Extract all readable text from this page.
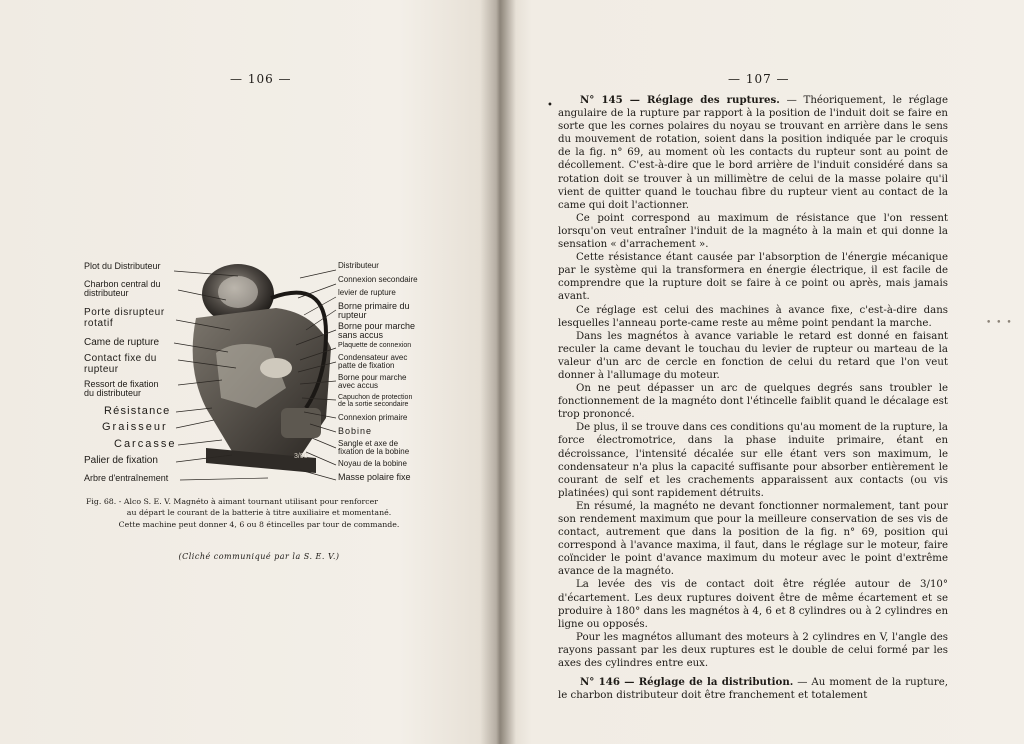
— 106 —
3/90
Plot du Distributeur
Charbon central du
distributeur
Porte disrupteur
rotatif
Came de rupture
Contact fixe du
rupteur
Ressort de fixation
du distributeur
Résistance
Graisseur
Carcasse
Palier de fixation
Arbre d'entraînement
Distributeur
Connexion secondaire
levier de rupture
Borne primaire du
rupteur
Borne pour marche
sans accus
Plaquette de connexion
Condensateur avec
patte de fixation
Borne pour marche
avec accus
Capuchon de protection
de la sortie secondaire
Connexion primaire
Bobine
Sangle et axe de
fixation de la bobine
Noyau de la bobine
Masse polaire fixe
Fig. 68. - Alco S. E. V. Magnéto à aimant tournant utilisant pour renforcer
au départ le courant de la batterie à titre auxiliaire et momentané.
Cette machine peut donner 4, 6 ou 8 étincelles par tour de commande.
(Cliché communiqué par la S. E. V.)
— 107 —
•
• • •

N° 145 — Réglage des ruptures. — Théoriquement, le réglage angulaire de la rupture par rapport à la position de l'induit doit se faire en sorte que les cornes polaires du noyau se trouvant en arrière dans le sens du mouvement de rotation, soient dans la position indiquée par le croquis de la fig. n° 69, au moment où les contacts du rupteur sont au point de décollement. C'est-à-dire que le bord arrière de l'induit considéré dans sa rotation doit se trouver à un millimètre de celui de la masse polaire qu'il vient de quitter quand le touchau fibre du rupteur vient au contact de la came qui doit l'actionner.

Ce point correspond au maximum de résistance que l'on ressent lorsqu'on veut entraîner l'induit de la magnéto à la main et qui donne la sensation « d'arrachement ».

Cette résistance étant causée par l'absorption de l'énergie mécanique par le système qui la transformera en énergie électrique, il est facile de comprendre que la rupture doit se faire à ce point ou après, mais jamais avant.

Ce réglage est celui des machines à avance fixe, c'est-à-dire dans lesquelles l'anneau porte-came reste au même point pendant la marche.

Dans les magnétos à avance variable le retard est donné en faisant reculer la came devant le touchau du levier de rupteur ou marteau de la valeur d'un arc de cercle en fonction de celui du retard que l'on veut donner à l'allumage du moteur.

On ne peut dépasser un arc de quelques degrés sans troubler le fonctionnement de la magnéto dont l'étincelle faiblit quand le décalage est trop prononcé.

De plus, il se trouve dans ces conditions qu'au moment de la rupture, la force électromotrice, dans la phase induite primaire, étant en décroissance, l'intensité décalée sur elle étant vers son maximum, le condensateur n'a plus la capacité suffisante pour absorber entièrement le courant de self et les crachements apparaissent aux contacts (ou vis platinées) qui sont rapidement détruits.

En résumé, la magnéto ne devant fonctionner normalement, tant pour son rendement maximum que pour la meilleure conservation de ses vis de contact, autrement que dans la position de la fig. n° 69, position qui correspond à l'avance maxima, il faut, dans le réglage sur le moteur, faire coïncider le point d'avance maximum du moteur avec le point d'extrême avance de la magnéto.

La levée des vis de contact doit être réglée autour de 3/10° d'écartement. Les deux ruptures doivent être de même écartement et se produire à 180° dans les magnétos à 4, 6 et 8 cylindres ou à 2 cylindres en ligne ou opposés.

Pour les magnétos allumant des moteurs à 2 cylindres en V, l'angle des rayons passant par les deux ruptures est le double de celui formé par les axes des cylindres entre eux.

N° 146 — Réglage de la distribution. — Au moment de la rupture, le charbon distributeur doit être franchement et totalement
